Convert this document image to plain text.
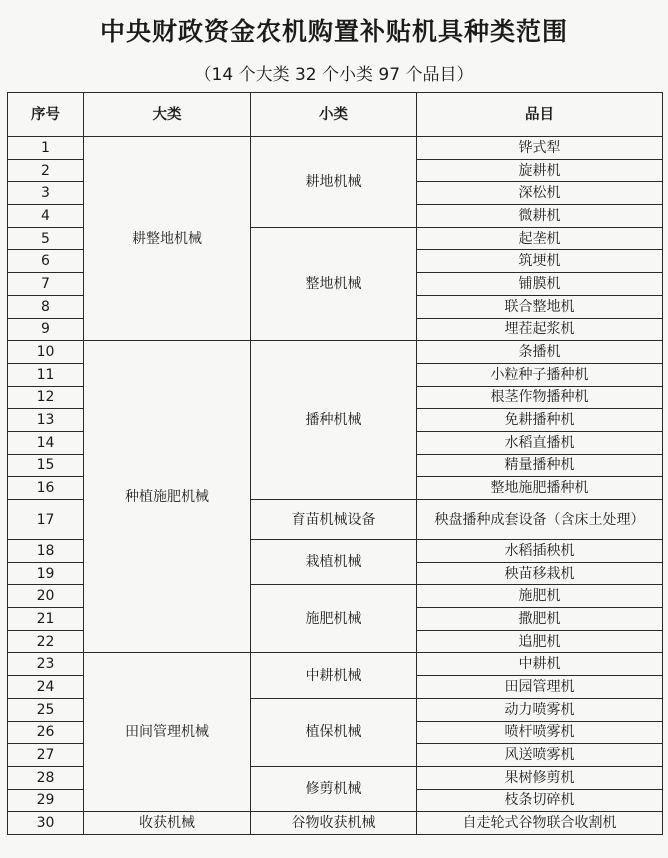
中央财政资金农机购置补贴机具种类范围
（14 个大类 32 个小类 97 个品目）
序号	大类	小类	品目
1	耕整地机械	耕地机械	铧式犁
2			旋耕机
3			深松机
4			微耕机
5		整地机械	起垄机
6			筑埂机
7			铺膜机
8			联合整地机
9			埋茬起浆机
10	种植施肥机械	播种机械	条播机
11			小粒种子播种机
12			根茎作物播种机
13			免耕播种机
14			水稻直播机
15			精量播种机
16			整地施肥播种机
17		育苗机械设备	秧盘播种成套设备（含床土处理）
18		栽植机械	水稻插秧机
19			秧苗移栽机
20		施肥机械	施肥机
21			撒肥机
22			追肥机
23	田间管理机械	中耕机械	中耕机
24			田园管理机
25		植保机械	动力喷雾机
26			喷杆喷雾机
27			风送喷雾机
28		修剪机械	果树修剪机
29			枝条切碎机
30	收获机械	谷物收获机械	自走轮式谷物联合收割机
